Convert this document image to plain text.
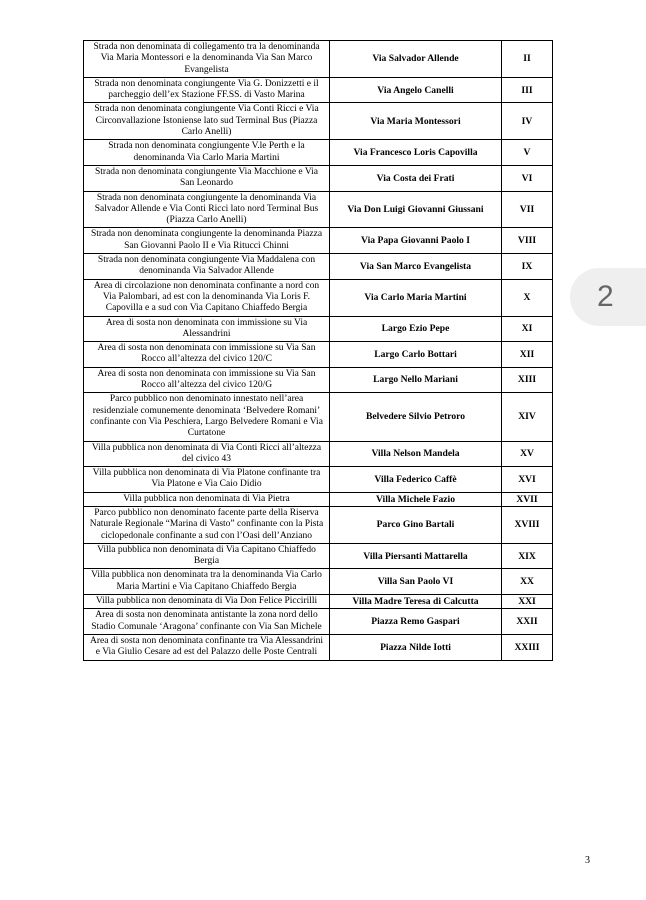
Strada non denominata di collegamento tra la denominanda Via Maria Montessori e la denominanda Via San Marco Evangelista	Via Salvador Allende	II
Strada non denominata congiungente Via G. Donizzetti e il parcheggio dell’ex Stazione FF.SS. di Vasto Marina	Via Angelo Canelli	III
Strada non denominata congiungente Via Conti Ricci e Via Circonvallazione Istoniense lato sud Terminal Bus (Piazza Carlo Anelli)	Via Maria Montessori	IV
Strada non denominata congiungente V.le Perth e la denominanda Via Carlo Maria Martini	Via Francesco Loris Capovilla	V
Strada non denominata congiungente Via Macchione e Via San Leonardo	Via Costa dei Frati	VI
Strada non denominata congiungente la denominanda Via Salvador Allende e Via Conti Ricci lato nord Terminal Bus (Piazza Carlo Anelli)	Via Don Luigi Giovanni Giussani	VII
Strada non denominata congiungente la denominanda Piazza San Giovanni Paolo II e Via Ritucci Chinni	Via Papa Giovanni Paolo I	VIII
Strada non denominata congiungente Via Maddalena con denominanda Via Salvador Allende	Via San Marco Evangelista	IX
Area di circolazione non denominata confinante a nord con Via Palombari, ad est con la denominanda Via Loris F. Capovilla e a sud con Via Capitano Chiaffedo Bergia	Via Carlo Maria Martini	X
Area di sosta non denominata con immissione su Via Alessandrini	Largo Ezio Pepe	XI
Area di sosta non denominata con immissione su Via San Rocco all’altezza del civico 120/C	Largo Carlo Bottari	XII
Area di sosta non denominata con immissione su Via San Rocco all’altezza del civico 120/G	Largo Nello Mariani	XIII
Parco pubblico non denominato innestato nell’area residenziale comunemente denominata ‘Belvedere Romani’ confinante con Via Peschiera, Largo Belvedere Romani e Via Curtatone	Belvedere Silvio Petroro	XIV
Villa pubblica non denominata di Via Conti Ricci all’altezza del civico 43	Villa Nelson Mandela	XV
Villa pubblica non denominata di Via Platone confinante tra Via Platone e Via Caio Didio	Villa Federico Caffè	XVI
Villa pubblica non denominata di Via Pietra	Villa Michele Fazio	XVII
Parco pubblico non denominato facente parte della Riserva Naturale Regionale “Marina di Vasto” confinante con la Pista ciclopedonale confinante a sud con l’Oasi dell’Anziano	Parco Gino Bartali	XVIII
Villa pubblica non denominata di Via Capitano Chiaffedo Bergia	Villa Piersanti Mattarella	XIX
Villa pubblica non denominata tra la denominanda Via Carlo Maria Martini e Via Capitano Chiaffedo Bergia	Villa San Paolo VI	XX
Villa pubblica non denominata di Via Don Felice Piccirilli	Villa Madre Teresa di Calcutta	XXI
Area di sosta non denominata antistante la zona nord dello Stadio Comunale ‘Aragona’ confinante con Via San Michele	Piazza Remo Gaspari	XXII
Area di sosta non denominata confinante tra Via Alessandrini e Via Giulio Cesare ad est del Palazzo delle Poste Centrali	Piazza Nilde Iotti	XXIII
2
3
